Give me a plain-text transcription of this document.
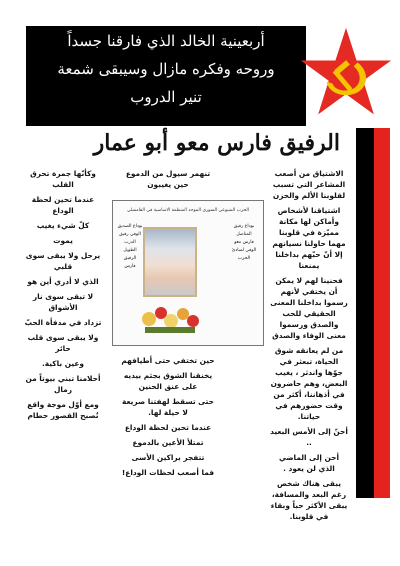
أربعينية الخالد الذي فارقنا جسداً
وروحه وفكره مازال وسيبقى شمعة
تنير الدروب
الرفيق فارس معو أبو عمار

الاشتياق من أصعب المشاعر التي تسبب لقلوبنا الألم والحزن

اشتياقنا لأشخاص وأماكن لها مكانة مميّزة في قلوبنا مهما حاولنا نسيانهم إلا أنّ حبّهم بداخلنا يمنعنا

فحنينا لهم لا يمكن أن يختفي لأنهم رسموا بداخلنا المعنى الحقيقي للحب والصدق ورسموا معنى الوفاء والصدق

من لم يعانقه شوق الحياة، تبعثر في جوّها واندثر ، يغيب البعض، وهم حاضرون في أذهاننا، أكثر من وقت حضورهم في حياتنا.

أحنّ إلى الأمس البعيد ..

أحن إلى الماضي الذي لن يعود .

يبقى هناك شخص رغم البعد والمسافة، يبقى الأكثر حباً وبقاء في قلوبنا.

تنهمر سيول من الدموع

حين يغيبون

الحزب الشيوعي السوري الموحد المنظمة الاساسية في القامشلي
بوداع رفيق
المناضل
فارس معو
الوفي لمبادئ
الحزب
بوداع الصديق
الوفي رفيق
الدرب الطويل
الرفيق
فارس

حين تختفي حتى أطيافهم

يخنقنا الشوق بجثم بيديه على عنق الحنين

حتى تسقط لهفتنا صريعة لا حيلة لها.

عندما تحين لحظة الوداع

تمتلأ الأعين بالدموع

تتفجر براكين الأسى

فما أصعب لحظات الوداع!

وكأنّها جمرة تحرق القلب

عندما تحين لحظة الوداع

كلّ شيء يغيب

يموت

يرحل ولا يبقى سوى قلبي

الذي لا أدري أين هو

لا تبقى سوى نار الأشواق

تزداد في مدفأة الحبّ

ولا يبقى سوى قلب حائر

وعين باكية.

أحلامنا تبني بيوتاً من رمال

ومع أوّل موجة واقع تُصبح القصور حطام
